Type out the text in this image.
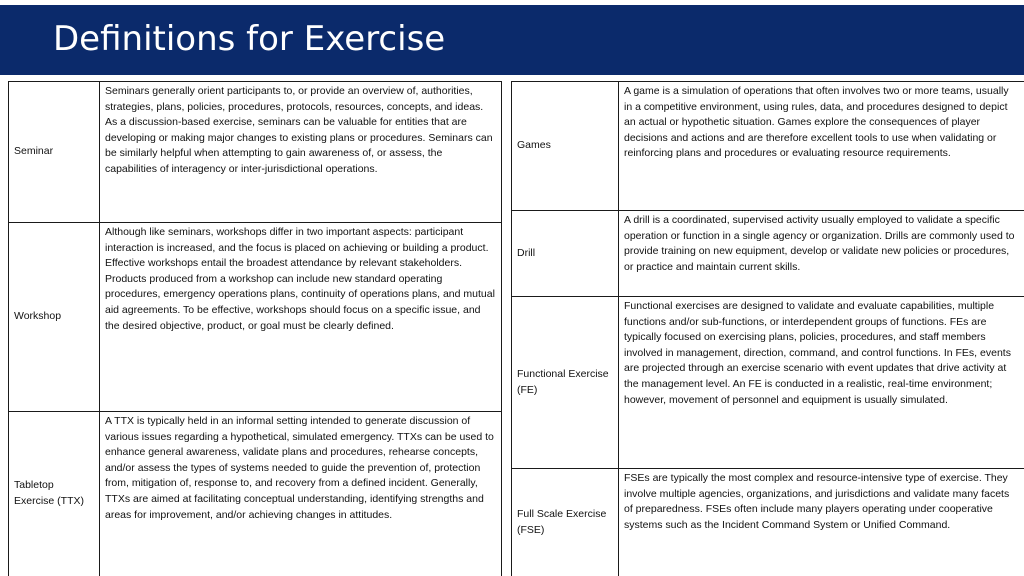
Definitions for Exercise
Seminar	Seminars generally orient participants to, or provide an overview of, authorities, strategies, plans, policies, procedures, protocols, resources, concepts, and ideas. As a discussion-based exercise, seminars can be valuable for entities that are developing or making major changes to existing plans or procedures. Seminars can be similarly helpful when attempting to gain awareness of, or assess, the capabilities of interagency or inter-jurisdictional operations.
Workshop	Although like seminars, workshops differ in two important aspects: participant interaction is increased, and the focus is placed on achieving or building a product. Effective workshops entail the broadest attendance by relevant stakeholders. Products produced from a workshop can include new standard operating procedures, emergency operations plans, continuity of operations plans, and mutual aid agreements. To be effective, workshops should focus on a specific issue, and the desired objective, product, or goal must be clearly defined.
Tabletop Exercise (TTX)	A TTX is typically held in an informal setting intended to generate discussion of various issues regarding a hypothetical, simulated emergency. TTXs can be used to enhance general awareness, validate plans and procedures, rehearse concepts, and/or assess the types of systems needed to guide the prevention of, protection from, mitigation of, response to, and recovery from a defined incident. Generally, TTXs are aimed at facilitating conceptual understanding, identifying strengths and areas for improvement, and/or achieving changes in attitudes.
Games	A game is a simulation of operations that often involves two or more teams, usually in a competitive environment, using rules, data, and procedures designed to depict an actual or hypothetic situation. Games explore the consequences of player decisions and actions and are therefore excellent tools to use when validating or reinforcing plans and procedures or evaluating resource requirements.
Drill	A drill is a coordinated, supervised activity usually employed to validate a specific operation or function in a single agency or organization. Drills are commonly used to provide training on new equipment, develop or validate new policies or procedures, or practice and maintain current skills.
Functional Exercise (FE)	Functional exercises are designed to validate and evaluate capabilities, multiple functions and/or sub-functions, or interdependent groups of functions. FEs are typically focused on exercising plans, policies, procedures, and staff members involved in management, direction, command, and control functions. In FEs, events are projected through an exercise scenario with event updates that drive activity at the management level. An FE is conducted in a realistic, real-time environment; however, movement of personnel and equipment is usually simulated.
Full Scale Exercise (FSE)	FSEs are typically the most complex and resource-intensive type of exercise. They involve multiple agencies, organizations, and jurisdictions and validate many facets of preparedness. FSEs often include many players operating under cooperative systems such as the Incident Command System or Unified Command.
